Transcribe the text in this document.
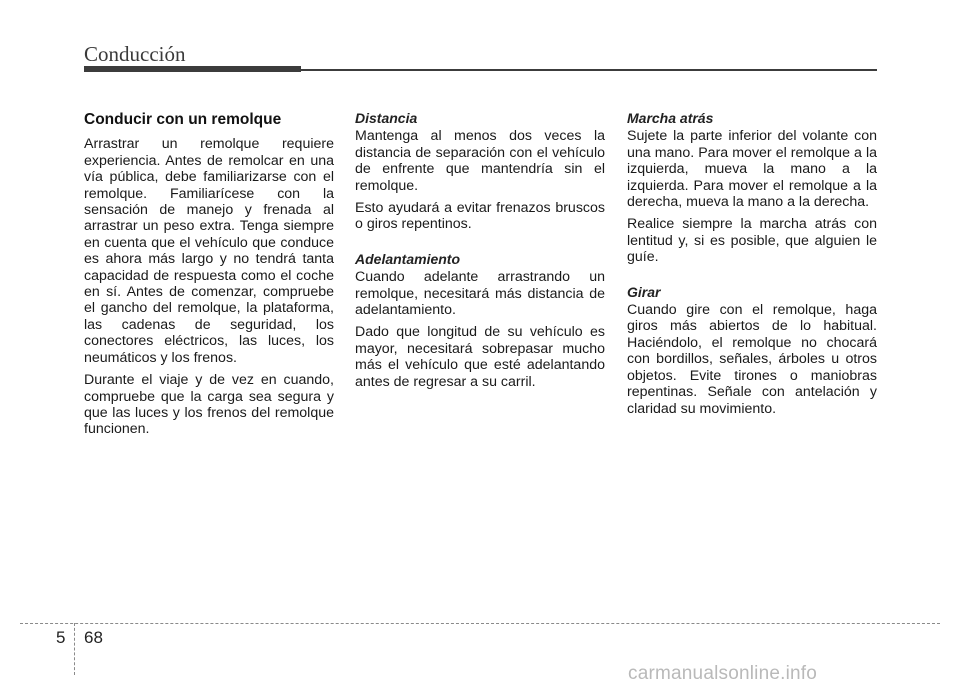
Conducción
Conducir con un remolque

Arrastrar un remolque requiere experiencia. Antes de remolcar en una vía pública, debe familiarizarse con el remolque. Familiarícese con la sensación de manejo y frenada al arrastrar un peso extra. Tenga siempre en cuenta que el vehículo que conduce es ahora más largo y no tendrá tanta capacidad de respuesta como el coche en sí. Antes de comenzar, compruebe el gancho del remolque, la plataforma, las cadenas de seguridad, los conectores eléctricos, las luces, los neumáticos y los frenos.

Durante el viaje y de vez en cuando, compruebe que la carga sea segura y que las luces y los frenos del remolque funcionen.

Distancia

Mantenga al menos dos veces la distancia de separación con el vehículo de enfrente que mantendría sin el remolque.

Esto ayudará a evitar frenazos bruscos o giros repentinos.

Adelantamiento

Cuando adelante arrastrando un remolque, necesitará más distancia de adelantamiento.

Dado que longitud de su vehículo es mayor, necesitará sobrepasar mucho más el vehículo que esté adelantando antes de regresar a su carril.

Marcha atrás

Sujete la parte inferior del volante con una mano. Para mover el remolque a la izquierda, mueva la mano a la izquierda. Para mover el remolque a la derecha, mueva la mano a la derecha.

Realice siempre la marcha atrás con lentitud y, si es posible, que alguien le guíe.

Girar

Cuando gire con el remolque, haga giros más abiertos de lo habitual. Haciéndolo, el remolque no chocará con bordillos, señales, árboles u otros objetos. Evite tirones o maniobras repentinas. Señale con antelación y claridad su movimiento.

5 68
carmanualsonline.info
